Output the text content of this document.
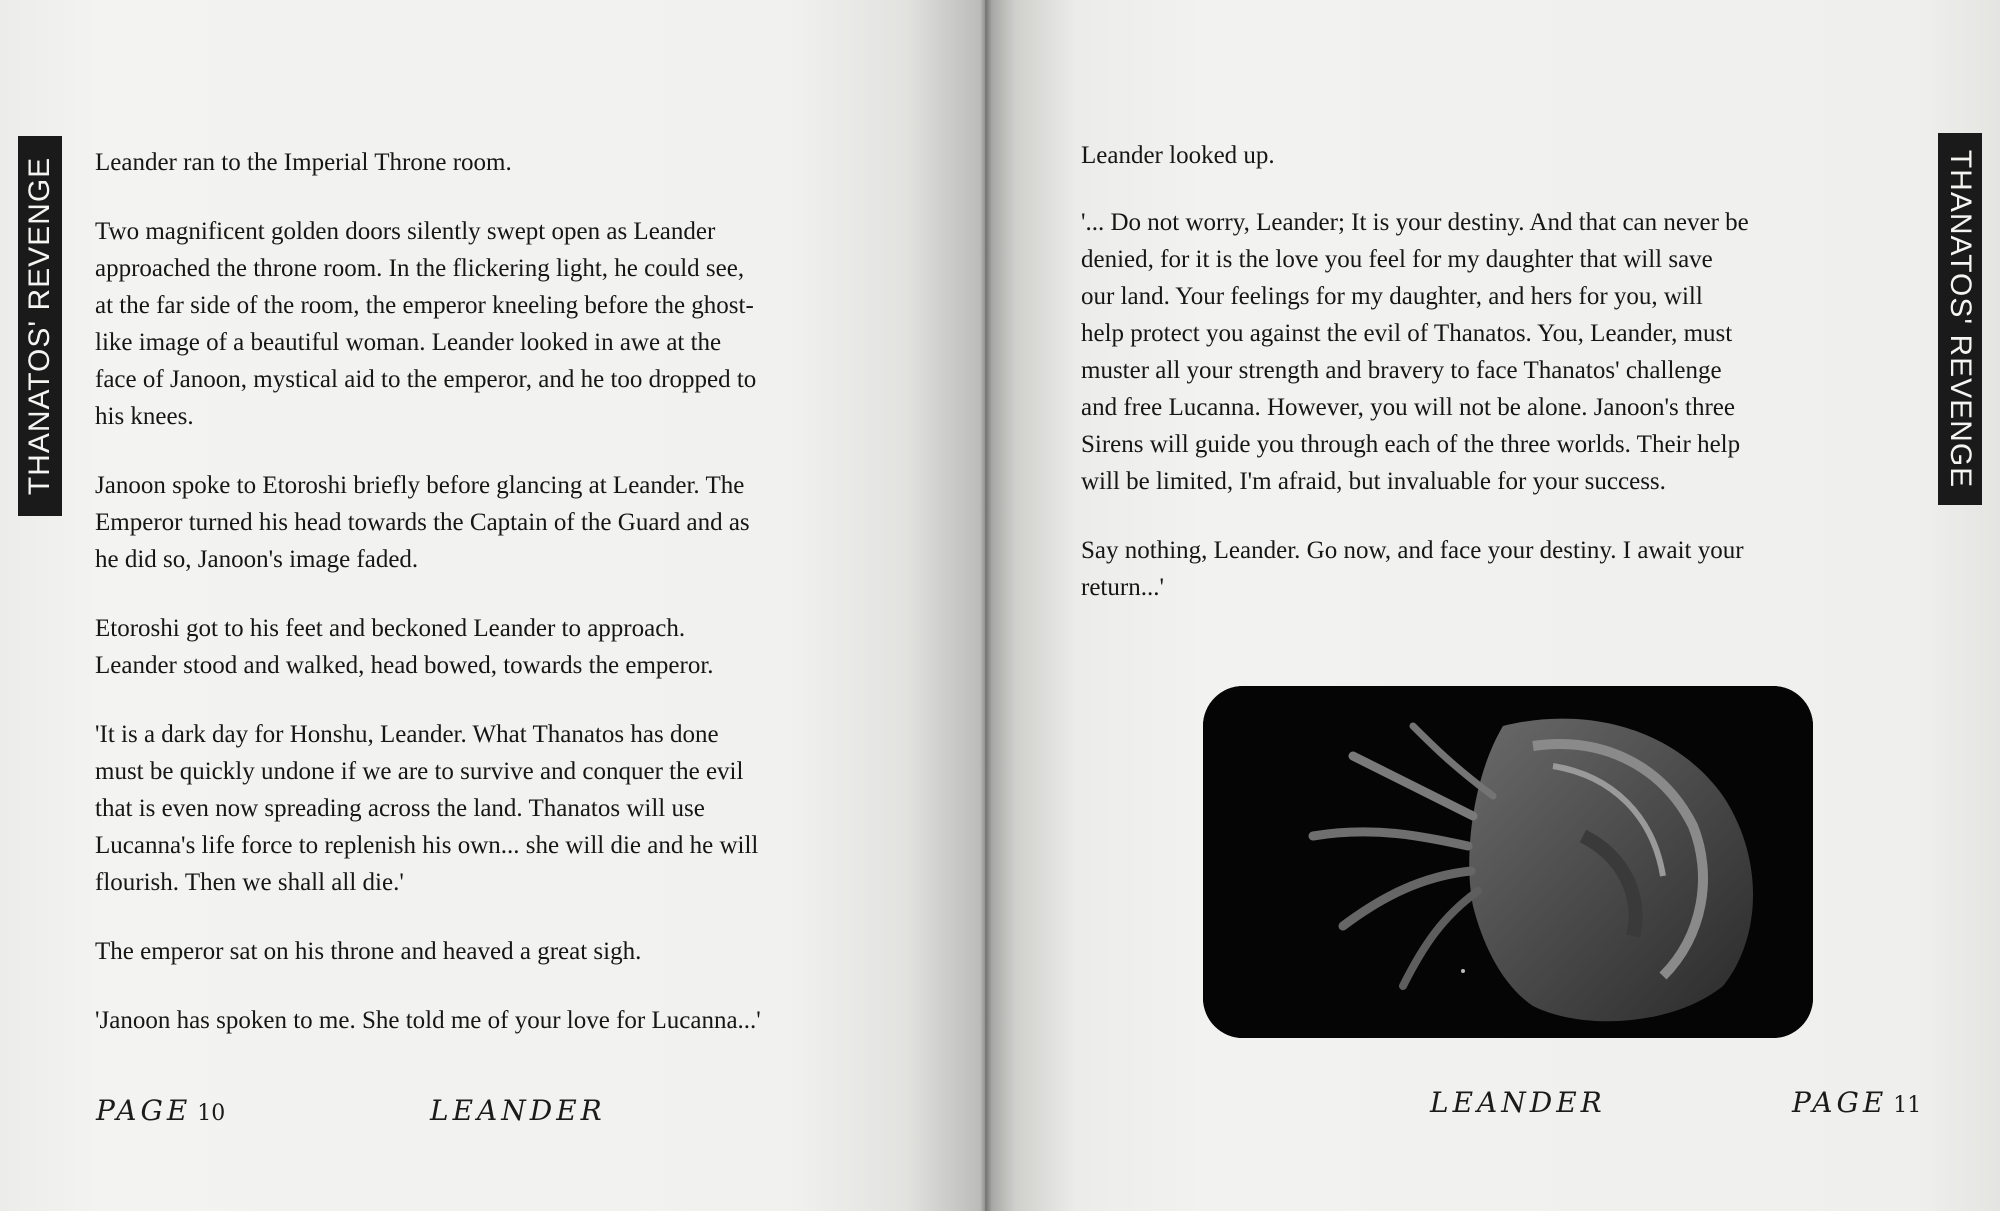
THANATOS' REVENGE Leander ran to the Imperial Throne room.

Two magnificent golden doors silently swept open as Leander
approached the throne room. In the flickering light, he could see,
at the far side of the room, the emperor kneeling before the ghost-
like image of a beautiful woman. Leander looked in awe at the
face of Janoon, mystical aid to the emperor, and he too dropped to
his knees.

Janoon spoke to Etoroshi briefly before glancing at Leander. The
Emperor turned his head towards the Captain of the Guard and as
he did so, Janoon's image faded.

Etoroshi got to his feet and beckoned Leander to approach.
Leander stood and walked, head bowed, towards the emperor.

'It is a dark day for Honshu, Leander. What Thanatos has done
must be quickly undone if we are to survive and conquer the evil
that is even now spreading across the land. Thanatos will use
Lucanna's life force to replenish his own... she will die and he will
flourish. Then we shall all die.'

The emperor sat on his throne and heaved a great sigh.

'Janoon has spoken to me. She told me of your love for Lucanna...'

PAGE 10	LEANDER
THANATOS' REVENGE

Leander looked up.

'... Do not worry, Leander; It is your destiny. And that can never be
denied, for it is the love you feel for my daughter that will save
our land. Your feelings for my daughter, and hers for you, will
help protect you against the evil of Thanatos. You, Leander, must
muster all your strength and bravery to face Thanatos' challenge
and free Lucanna. However, you will not be alone. Janoon's three
Sirens will guide you through each of the three worlds. Their help
will be limited, I'm afraid, but invaluable for your success.

Say nothing, Leander. Go now, and face your destiny. I await your
return...'

LEANDER	PAGE 11
